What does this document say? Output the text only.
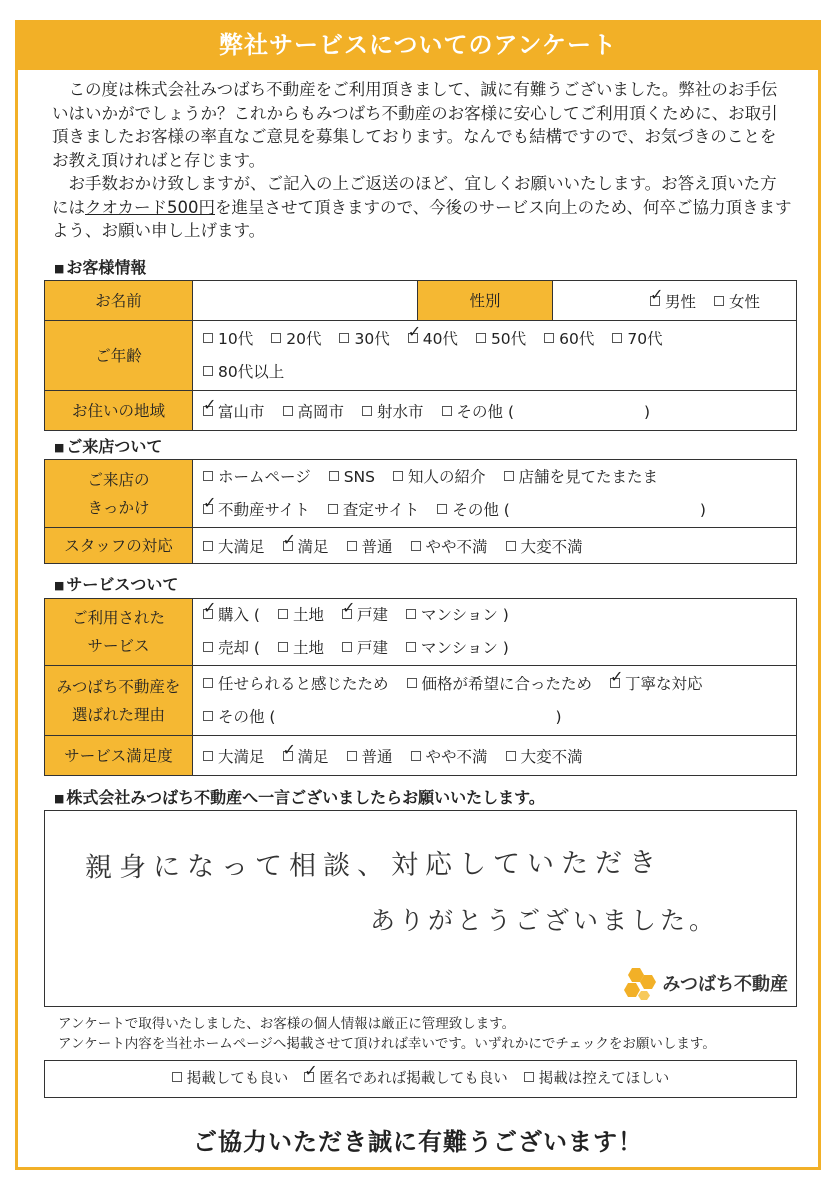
弊社サービスについてのアンケート

この度は株式会社みつばち不動産をご利用頂きまして、誠に有難うございました。弊社のお手伝いはいかがでしょうか？これからもみつばち不動産のお客様に安心してご利用頂くために、お取引頂きましたお客様の率直なご意見を募集しております。なんでも結構ですので、お気づきのことをお教え頂ければと存じます。

お手数おかけ致しますが、ご記入の上ご返送のほど、宜しくお願いいたします。お答え頂いた方にはクオカード500円を進呈させて頂きますので、今後のサービス向上のため、何卒ご協力頂きますよう、お願い申し上げます。

■ お客様情報
お名前		性別	✓男性 女性
ご年齢	10代 20代 30代 ✓ 40代 50代 60代 70代
80代以上
お住いの地域	✓富山市 高岡市 射水市 その他 ( )
■ ご来店ついて
ご来店の
きっかけ	ホームページ SNS 知人の紹介 店舗を見てたまたま
✓不動産サイト 査定サイト その他 ( )
スタッフの対応	大満足 ✓ 満足 普通 やや不満 大変不満
■ サービスついて
ご利用された
サービス	✓購入 ( 土地 ✓ 戸建 マンション )
売却 ( 土地 戸建 マンション )
みつばち不動産を
選ばれた理由	任せられると感じたため 価格が希望に合ったため ✓ 丁寧な対応
その他 ( )
サービス満足度	大満足 ✓ 満足 普通 やや不満 大変不満
■ 株式会社みつばち不動産へ一言ございましたらお願いいたします。
親身になって相談、対応していただき
ありがとうございました。
みつばち不動産
アンケートで取得いたしました、お客様の個人情報は厳正に管理致します。
アンケート内容を当社ホームページへ掲載させて頂ければ幸いです。いずれかにでチェックをお願いします。
掲載しても良い ✓ 匿名であれば掲載しても良い 掲載は控えてほしい
ご協力いただき誠に有難うございます！
